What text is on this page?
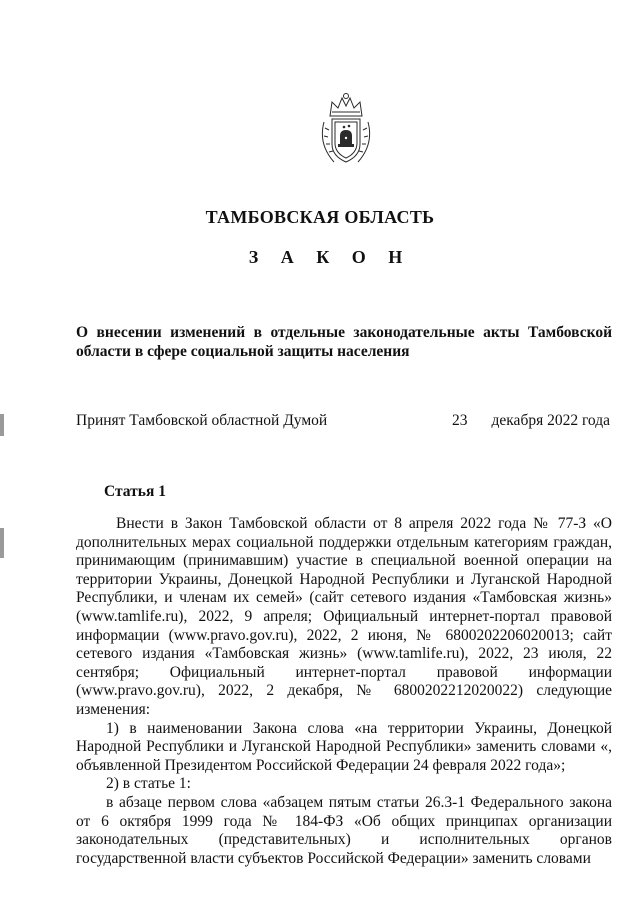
ТАМБОВСКАЯ ОБЛАСТЬ
З А К О Н
О внесении изменений в отдельные законодательные акты Тамбовской области в сфере социальной защиты населения
Принят Тамбовской областной Думой	23 декабря 2022 года
Статья 1

Внести в Закон Тамбовской области от 8 апреля 2022 года № 77-З «О дополнительных мерах социальной поддержки отдельным категориям граждан, принимающим (принимавшим) участие в специальной военной операции на территории Украины, Донецкой Народной Республики и Луганской Народной Республики, и членам их семей» (сайт сетевого издания «Тамбовская жизнь» (www.tamlife.ru), 2022, 9 апреля; Официальный интернет-портал правовой информации (www.pravo.gov.ru), 2022, 2 июня, № 6800202206020013; сайт сетевого издания «Тамбовская жизнь» (www.tamlife.ru), 2022, 23 июля, 22 сентября; Официальный интернет-портал правовой информации (www.pravo.gov.ru), 2022, 2 декабря, № 6800202212020022) следующие изменения:

1) в наименовании Закона слова «на территории Украины, Донецкой Народной Республики и Луганской Народной Республики» заменить словами «, объявленной Президентом Российской Федерации 24 февраля 2022 года»;

2) в статье 1:

в абзаце первом слова «абзацем пятым статьи 26.3-1 Федерального закона от 6 октября 1999 года № 184-ФЗ «Об общих принципах организации законодательных (представительных) и исполнительных органов государственной власти субъектов Российской Федерации» заменить словами
